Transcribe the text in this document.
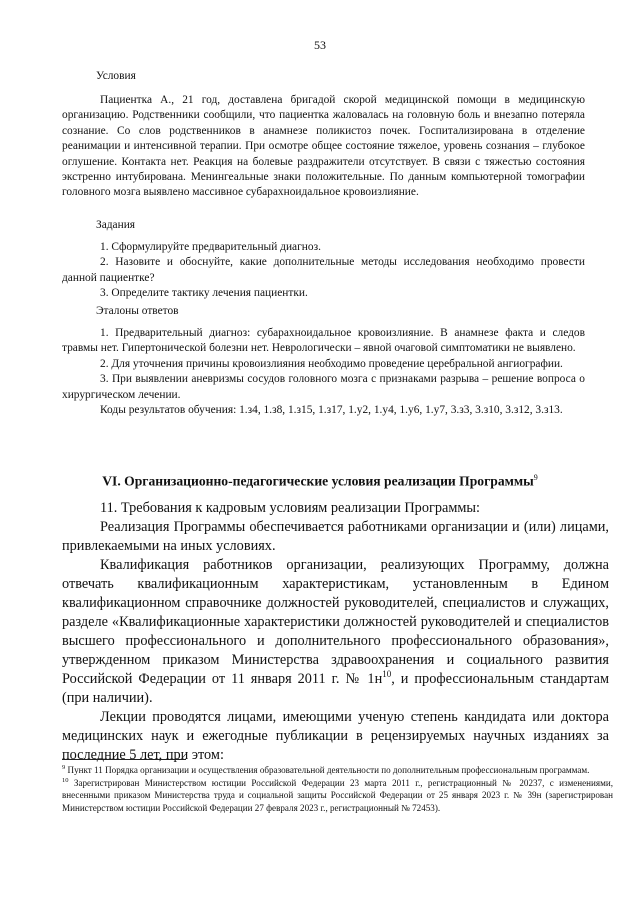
53
Условия

Пациентка А., 21 год, доставлена бригадой скорой медицинской помощи в медицинскую организацию. Родственники сообщили, что пациентка жаловалась на головную боль и внезапно потеряла сознание. Со слов родственников в анамнезе поликистоз почек. Госпитализирована в отделение реанимации и интенсивной терапии. При осмотре общее состояние тяжелое, уровень сознания – глубокое оглушение. Контакта нет. Реакция на болевые раздражители отсутствует. В связи с тяжестью состояния экстренно интубирована. Менингеальные знаки положительные. По данным компьютерной томографии головного мозга выявлено массивное субарахноидальное кровоизлияние.

Задания

1. Сформулируйте предварительный диагноз.

2. Назовите и обоснуйте, какие дополнительные методы исследования необходимо провести данной пациентке?

3. Определите тактику лечения пациентки.

Эталоны ответов

1. Предварительный диагноз: субарахноидальное кровоизлияние. В анамнезе факта и следов травмы нет. Гипертонической болезни нет. Неврологически – явной очаговой симптоматики не выявлено.

2. Для уточнения причины кровоизлияния необходимо проведение церебральной ангиографии.

3. При выявлении аневризмы сосудов головного мозга с признаками разрыва – решение вопроса о хирургическом лечении.

Коды результатов обучения: 1.з4, 1.з8, 1.з15, 1.з17, 1.у2, 1.у4, 1.у6, 1.у7, 3.з3, 3.з10, 3.з12, 3.з13.

VI. Организационно-педагогические условия реализации Программы$^9$

11. Требования к кадровым условиям реализации Программы:

Реализация Программы обеспечивается работниками организации и (или) лицами, привлекаемыми на иных условиях.

Квалификация работников организации, реализующих Программу, должна отвечать квалификационным характеристикам, установленным в Едином квалификационном справочнике должностей руководителей, специалистов и служащих, разделе «Квалификационные характеристики должностей руководителей и специалистов высшего профессионального и дополнительного профессионального образования», утвержденном приказом Министерства здравоохранения и социального развития Российской Федерации от 11 января 2011 г. № $1н^{10}$, и профессиональным стандартам (при наличии).

Лекции проводятся лицами, имеющими ученую степень кандидата или доктора медицинских наук и ежегодные публикации в рецензируемых научных изданиях за последние 5 лет, при этом:

$^9$ Пункт 11 Порядка организации и осуществления образовательной деятельности по дополнительным профессиональным программам.

$^{10}$ Зарегистрирован Министерством юстиции Российской Федерации 23 марта 2011 г., регистрационный № 20237, с изменениями, внесенными приказом Министерства труда и социальной защиты Российской Федерации от 25 января 2023 г. № 39н (зарегистрирован Министерством юстиции Российской Федерации 27 февраля 2023 г., регистрационный № 72453).
